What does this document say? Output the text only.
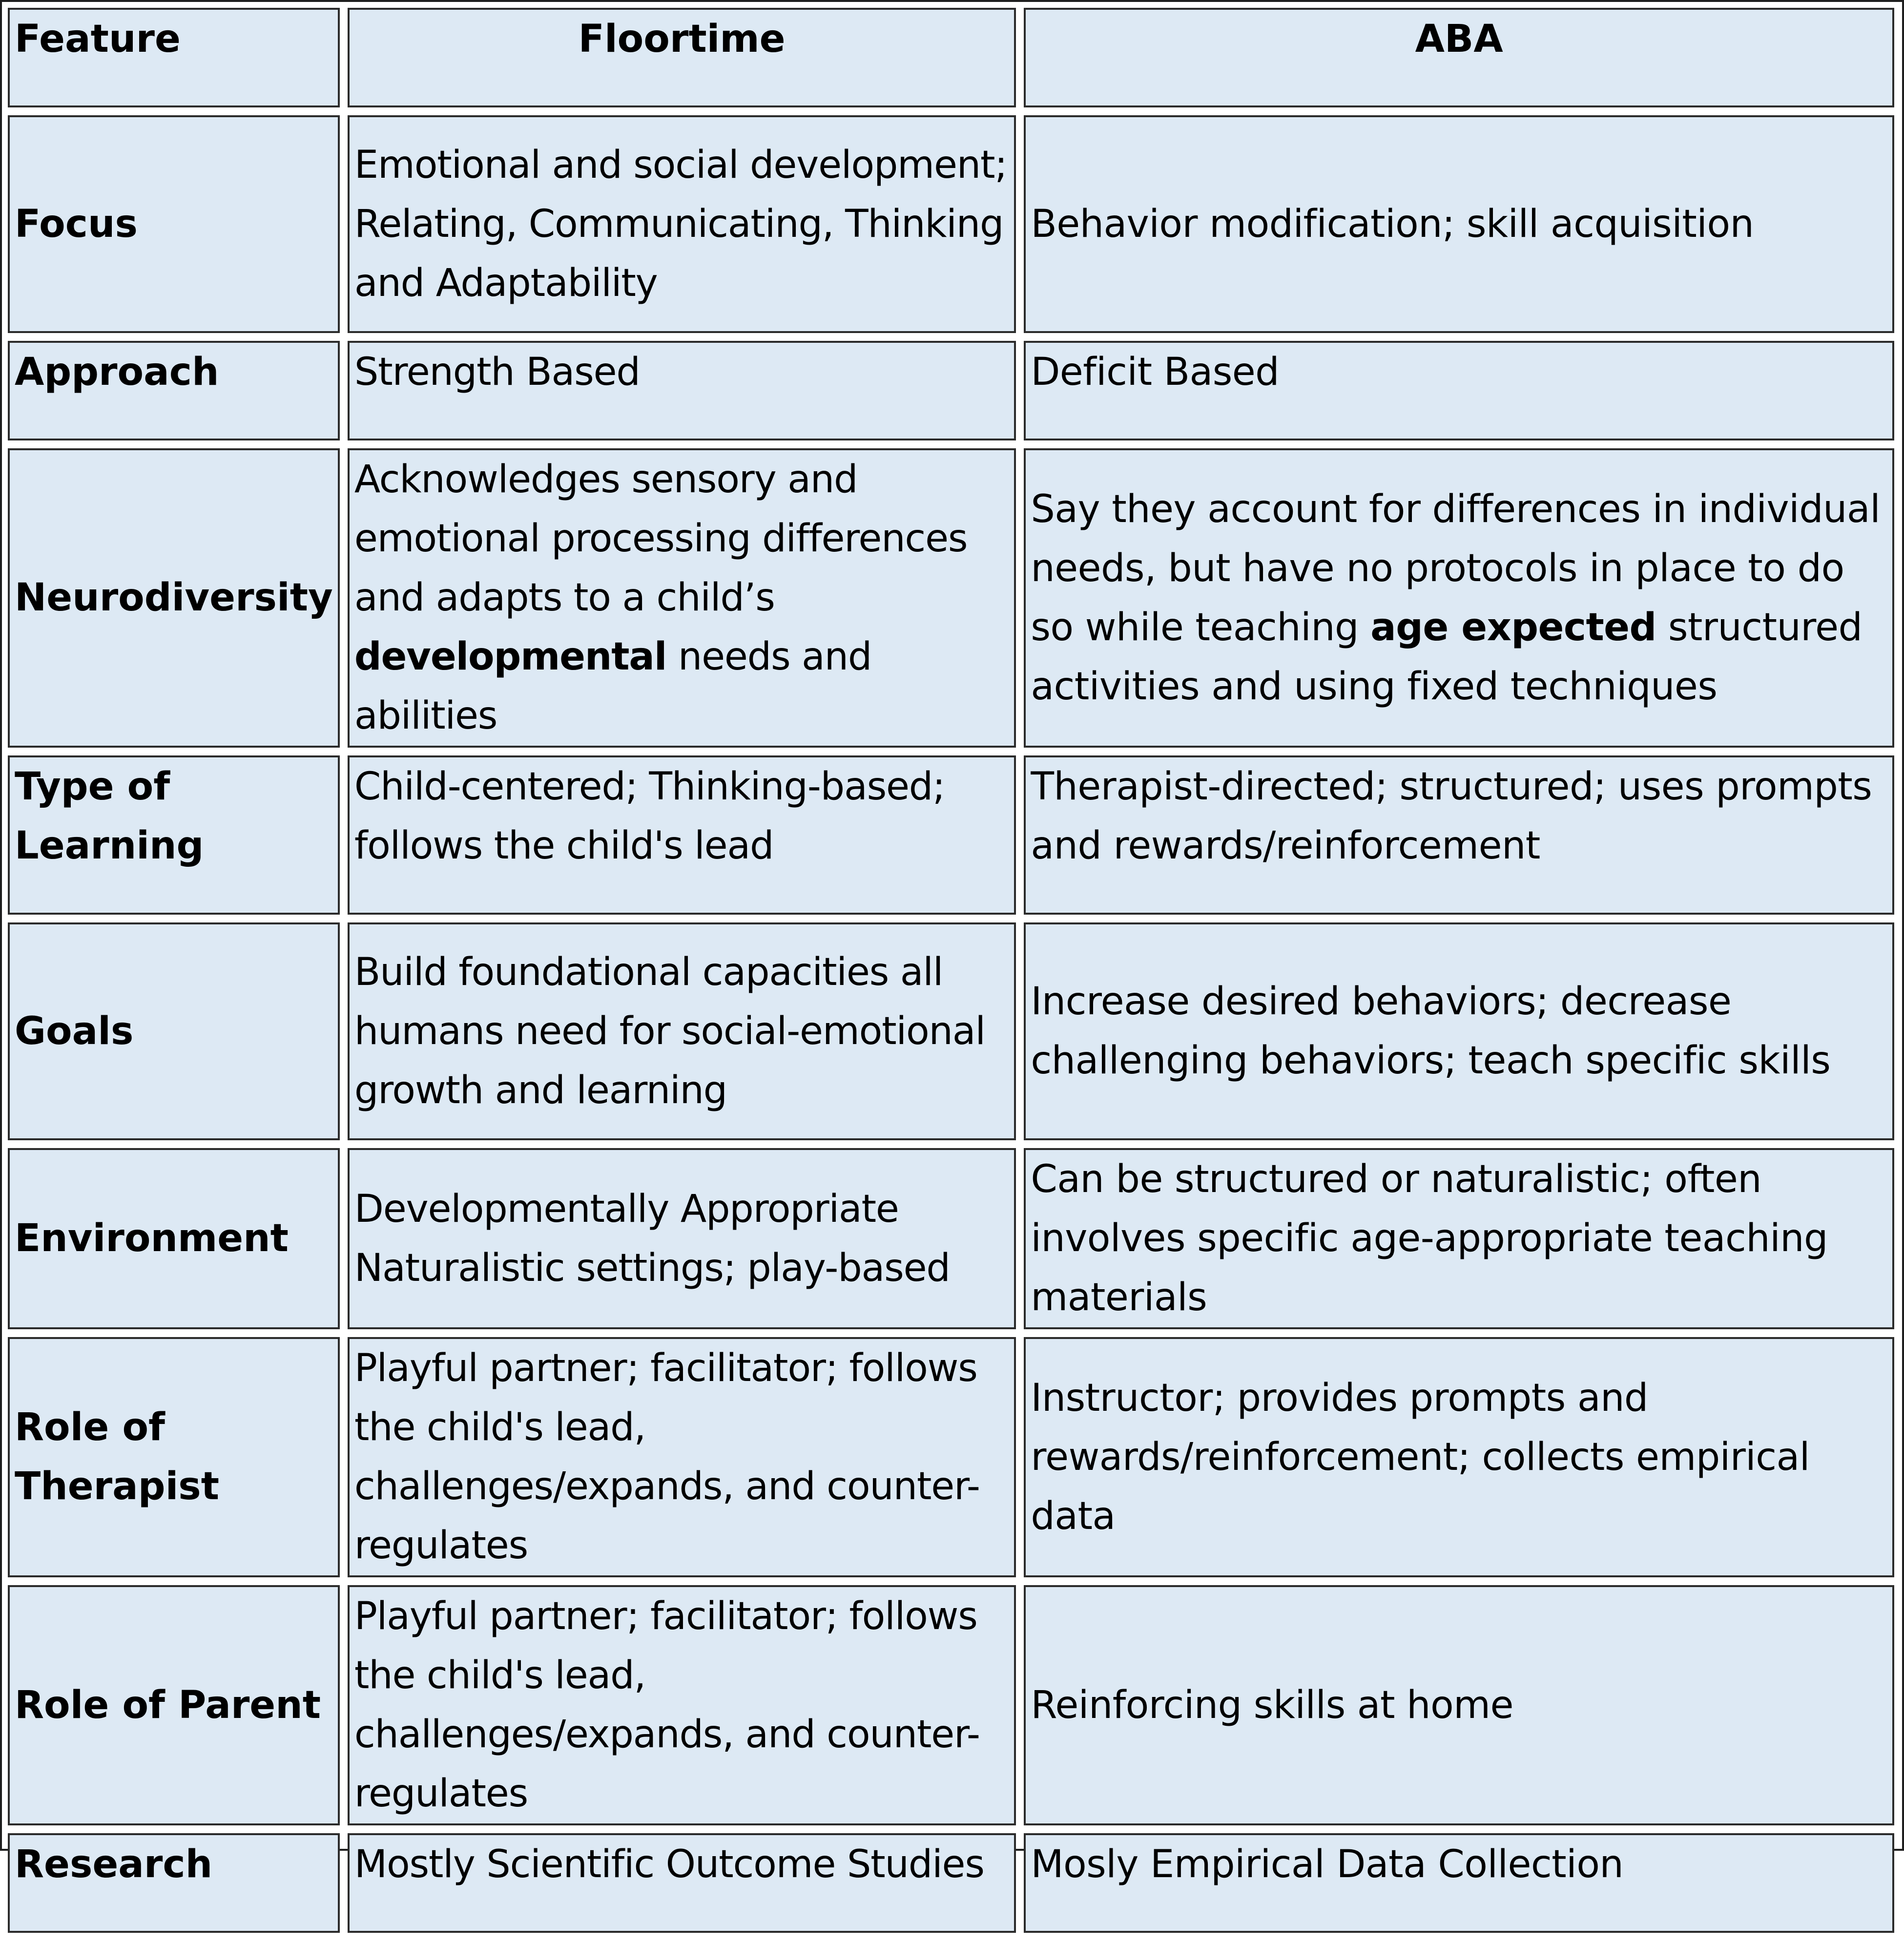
Feature	Floortime	ABA
Focus	Emotional and social development; Relating, Communicating, Thinking and Adaptability	Behavior modification; skill acquisition
Approach	Strength Based	Deficit Based
Neurodiversity	Acknowledges sensory and emotional processing differences and adapts to a child’s developmental needs and abilities	Say they account for differences in individual needs, but have no protocols in place to do so while teaching age expected structured activities and using fixed techniques
Type of Learning	Child-centered; Thinking-based; follows the child's lead	Therapist-directed; structured; uses prompts and rewards/reinforcement
Goals	Build foundational capacities all humans need for social-emotional growth and learning	Increase desired behaviors; decrease challenging behaviors; teach specific skills
Environment	Developmentally Appropriate Naturalistic settings; play-based	Can be structured or naturalistic; often involves specific age-appropriate teaching materials
Role of Therapist	Playful partner; facilitator; follows the child's lead, challenges/expands, and counter-regulates	Instructor; provides prompts and rewards/reinforcement; collects empirical data
Role of Parent	Playful partner; facilitator; follows the child's lead, challenges/expands, and counter-regulates	Reinforcing skills at home
Research	Mostly Scientific Outcome Studies	Mosly Empirical Data Collection
